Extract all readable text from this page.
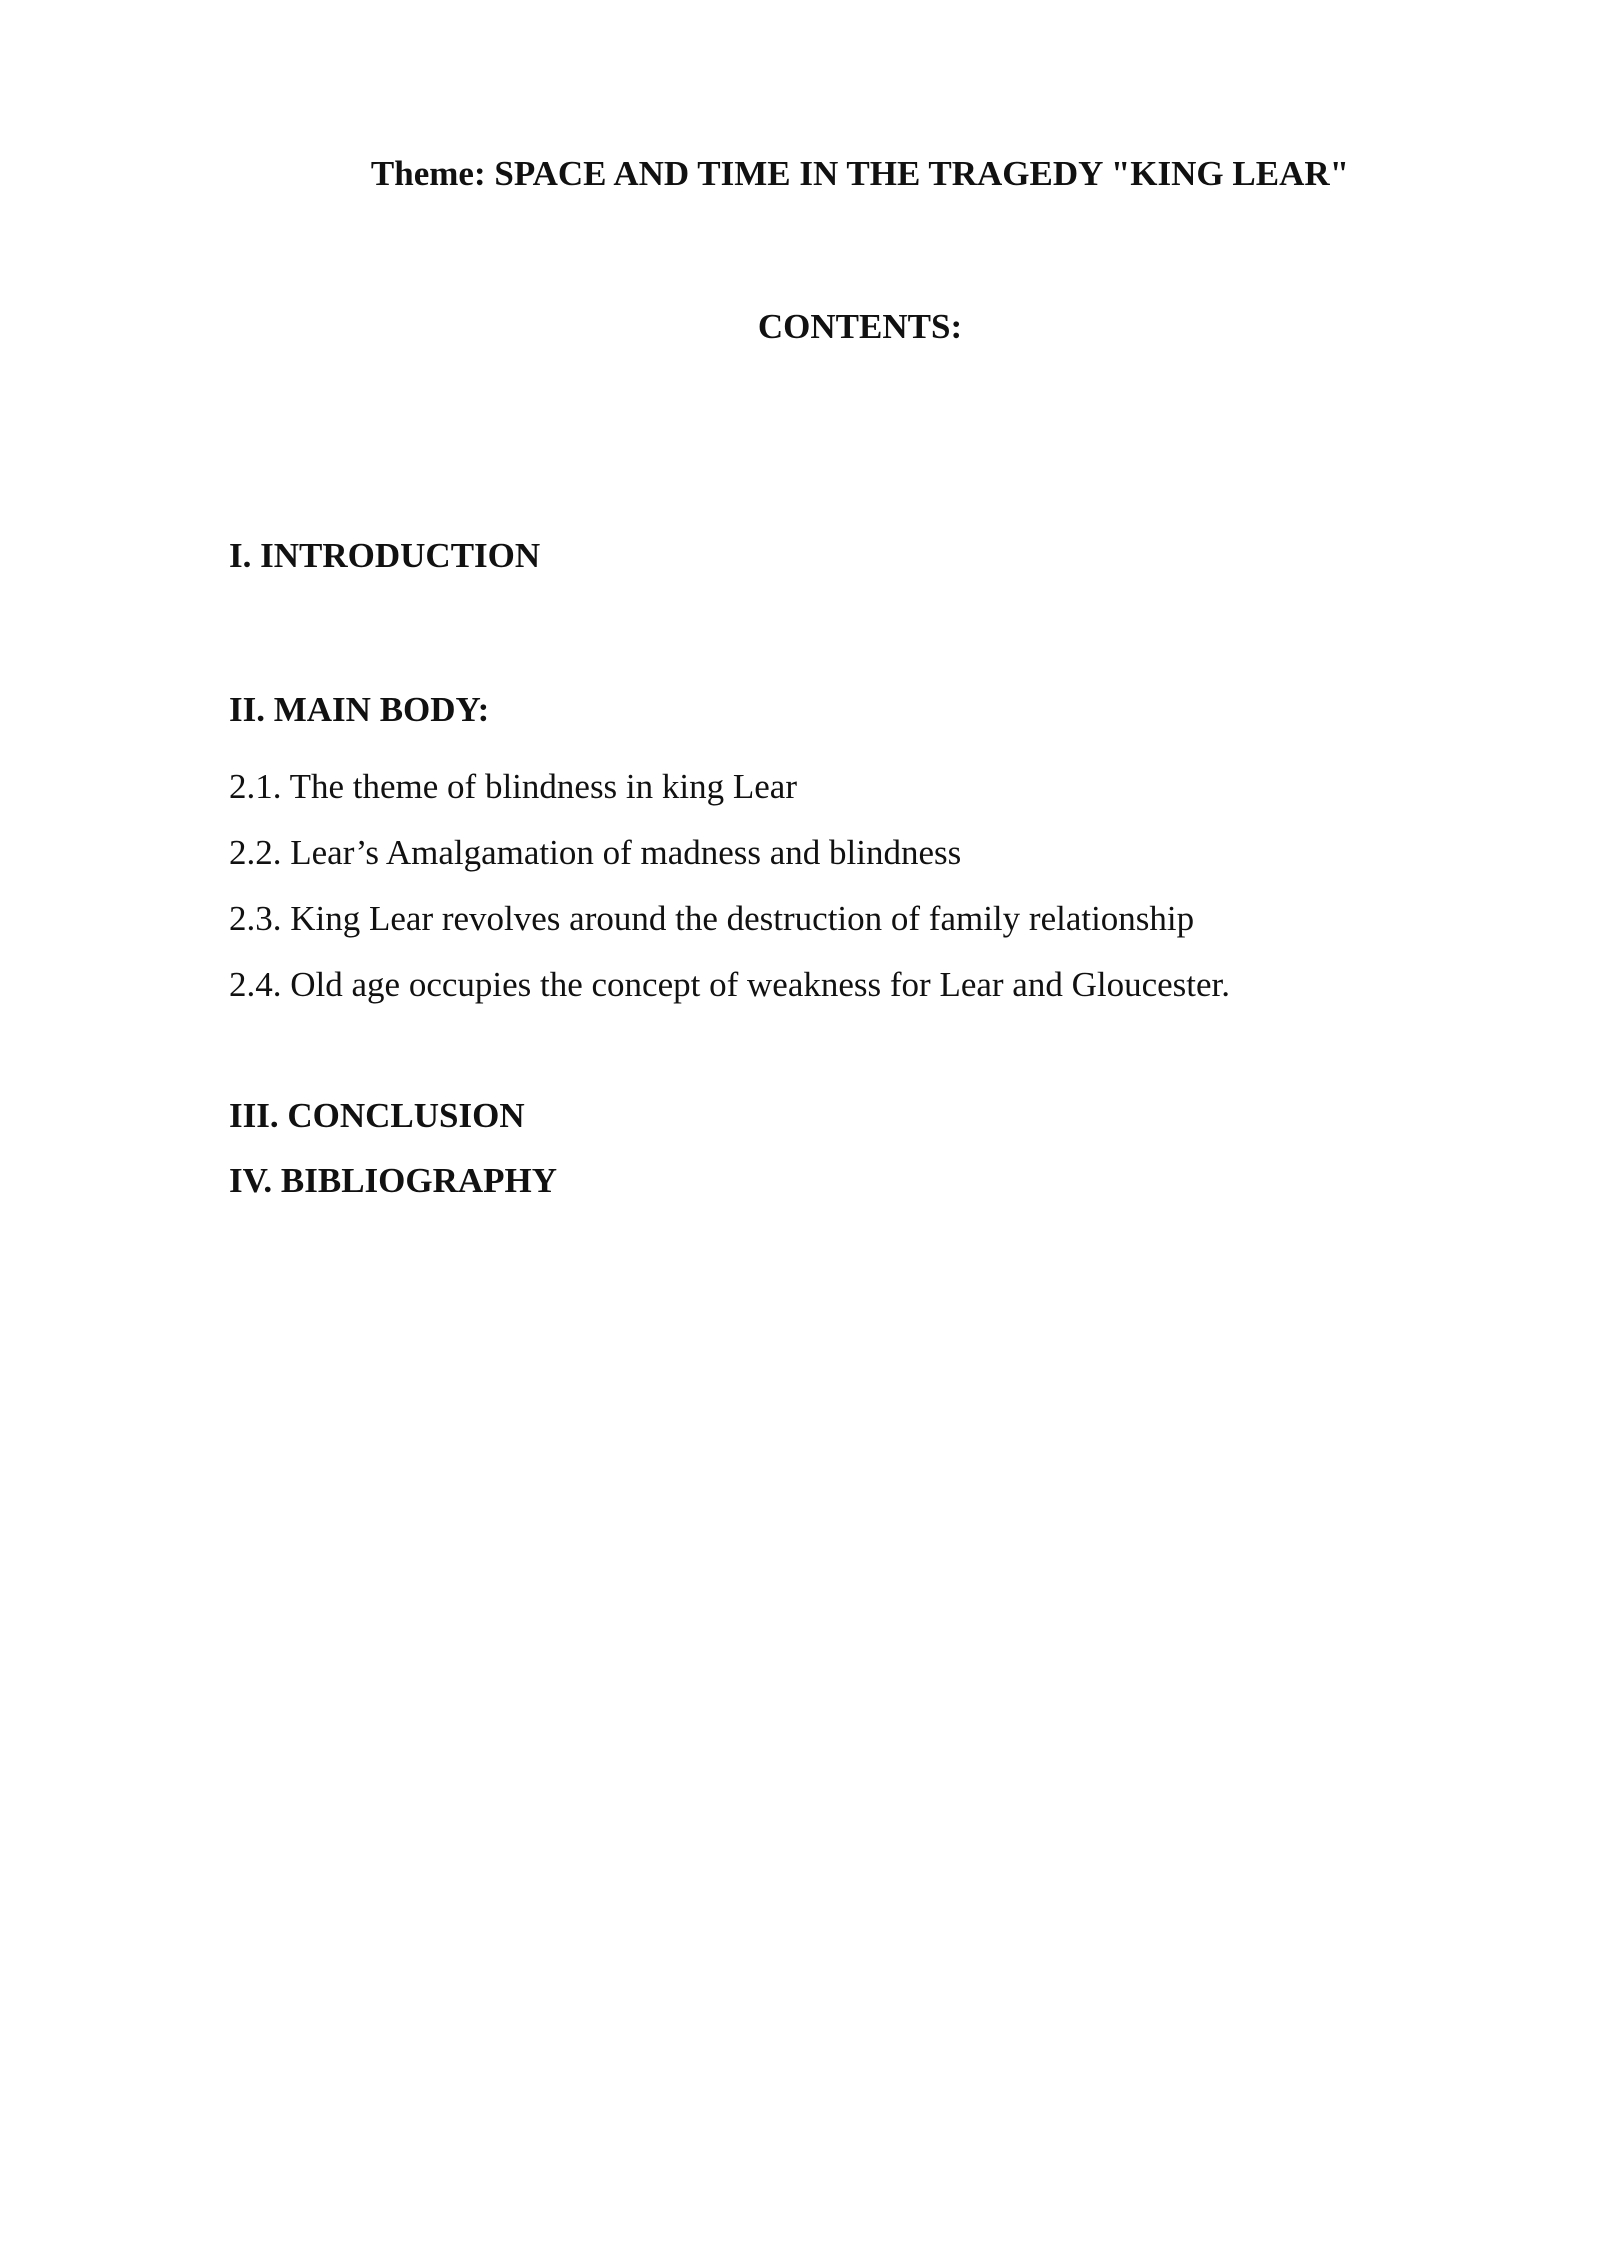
Theme: SPACE AND TIME IN THE TRAGEDY "KING LEAR"
CONTENTS:
I. INTRODUCTION
II. MAIN BODY:
2.1. The theme of blindness in king Lear
2.2. Lear’s Amalgamation of madness and blindness
2.3. King Lear revolves around the destruction of family relationship
2.4. Old age occupies the concept of weakness for Lear and Gloucester.
III. CONCLUSION
IV. BIBLIOGRAPHY
